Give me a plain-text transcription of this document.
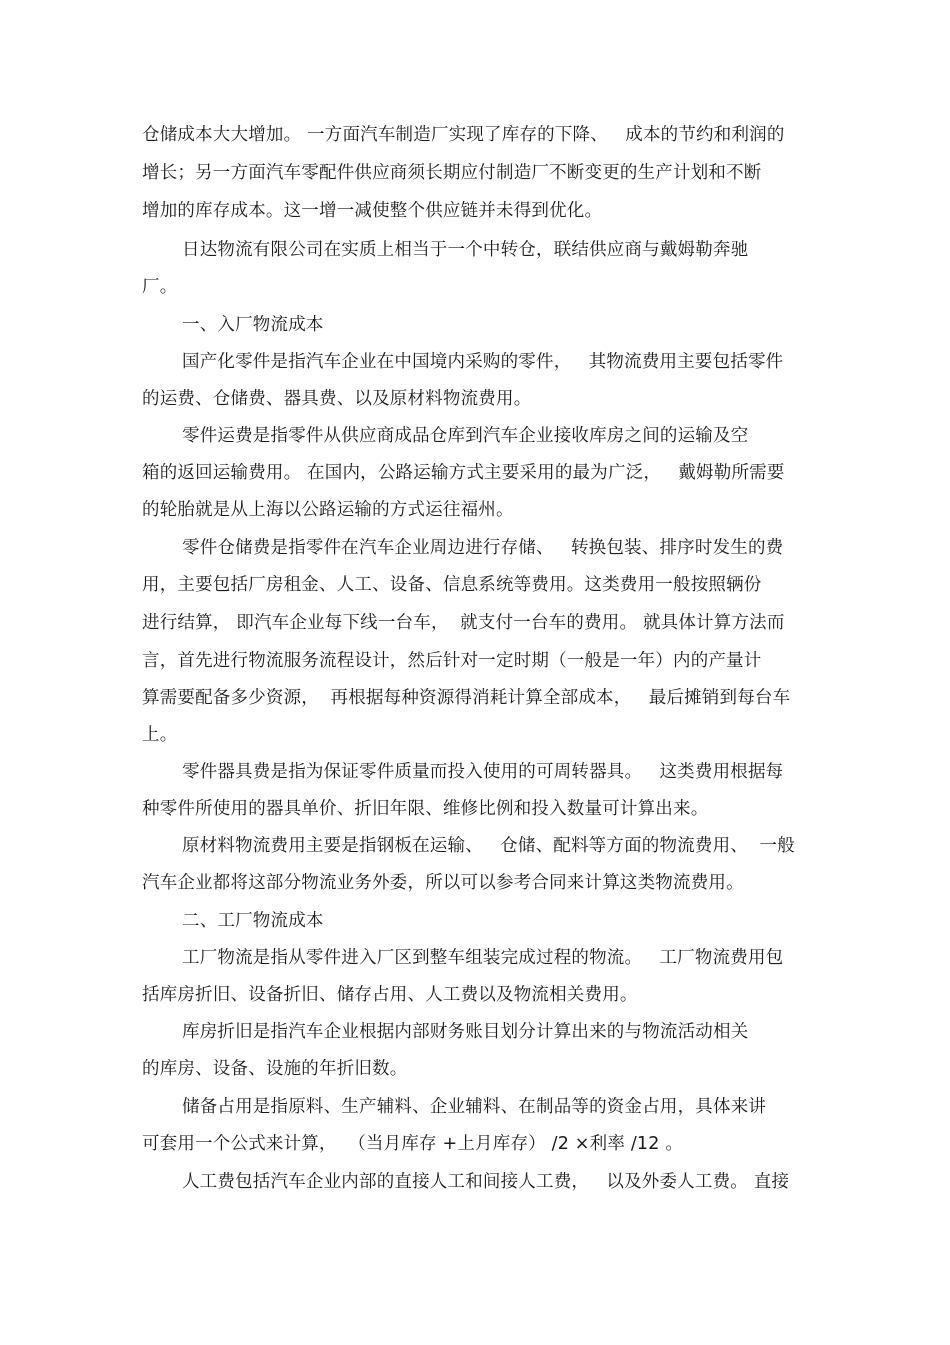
仓储成本大大增加。 一方面汽车制造厂实现了库存的下降、   成本的节约和利润的
增长；另一方面汽车零配件供应商须长期应付制造厂不断变更的生产计划和不断
增加的库存成本。这一增一减使整个供应链并未得到优化。
日达物流有限公司在实质上相当于一个中转仓，联结供应商与戴姆勒奔驰
厂。
一、入厂物流成本
国产化零件是指汽车企业在中国境内采购的零件，   其物流费用主要包括零件
的运费、仓储费、器具费、以及原材料物流费用。
零件运费是指零件从供应商成品仓库到汽车企业接收库房之间的运输及空
箱的返回运输费用。 在国内，公路运输方式主要采用的最为广泛，   戴姆勒所需要
的轮胎就是从上海以公路运输的方式运往福州。
零件仓储费是指零件在汽车企业周边进行存储、   转换包装、排序时发生的费
用，主要包括厂房租金、人工、设备、信息系统等费用。这类费用一般按照辆份
进行结算， 即汽车企业每下线一台车，  就支付一台车的费用。 就具体计算方法而
言，首先进行物流服务流程设计，然后针对一定时期（一般是一年）内的产量计
算需要配备多少资源，  再根据每种资源得消耗计算全部成本，   最后摊销到每台车
上。
零件器具费是指为保证零件质量而投入使用的可周转器具。   这类费用根据每
种零件所使用的器具单价、折旧年限、维修比例和投入数量可计算出来。
原材料物流费用主要是指钢板在运输、   仓储、配料等方面的物流费用、  一般
汽车企业都将这部分物流业务外委，所以可以参考合同来计算这类物流费用。
二、工厂物流成本
工厂物流是指从零件进入厂区到整车组装完成过程的物流。   工厂物流费用包
括库房折旧、设备折旧、储存占用、人工费以及物流相关费用。
库房折旧是指汽车企业根据内部财务账目划分计算出来的与物流活动相关
的库房、设备、设施的年折旧数。
储备占用是指原料、生产辅料、企业辅料、在制品等的资金占用，具体来讲
可套用一个公式来计算，  （当月库存 +上月库存） /2 ×利率 /12 。
人工费包括汽车企业内部的直接人工和间接人工费，   以及外委人工费。 直接
